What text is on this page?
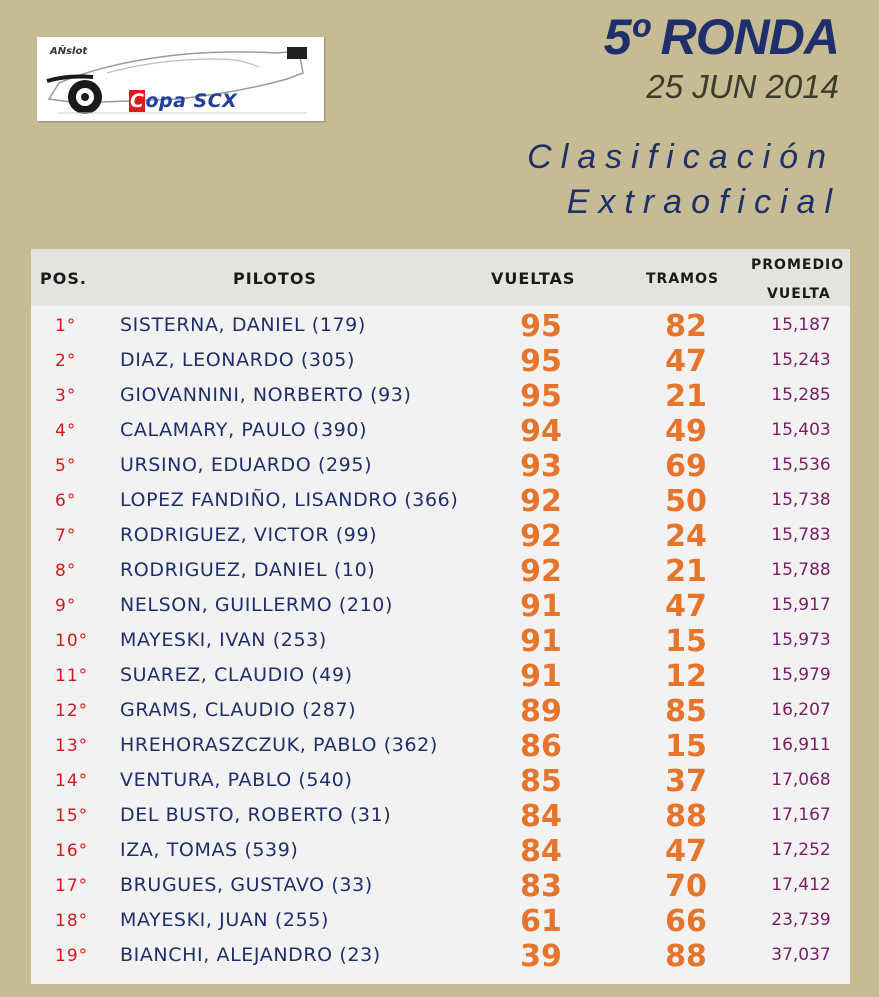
AÑslot
Copa SCX
5º RONDA
25 JUN 2014
Clasificación
Extraoficial
POS.	PILOTOS	VUELTAS	TRAMOS
PROMEDIO
VUELTA
1° SISTERNA, DANIEL (179)	95	82	15,187
2° DIAZ, LEONARDO (305)	95	47	15,243
3° GIOVANNINI, NORBERTO (93)	95	21	15,285
4° CALAMARY, PAULO (390)	94	49	15,403
5° URSINO, EDUARDO (295)	93	69	15,536
6° LOPEZ FANDIÑO, LISANDRO (366)	92	50	15,738
7° RODRIGUEZ, VICTOR (99)	92	24	15,783
8° RODRIGUEZ, DANIEL (10)	92	21	15,788
9° NELSON, GUILLERMO (210)	91	47	15,917
10° MAYESKI, IVAN (253)	91	15	15,973
11° SUAREZ, CLAUDIO (49)	91	12	15,979
12° GRAMS, CLAUDIO (287)	89	85	16,207
13° HREHORASZCZUK, PABLO (362)	86	15	16,911
14° VENTURA, PABLO (540)	85	37	17,068
15° DEL BUSTO, ROBERTO (31)	84	88	17,167
16° IZA, TOMAS (539)	84	47	17,252
17° BRUGUES, GUSTAVO (33)	83	70	17,412
18° MAYESKI, JUAN (255)	61	66	23,739
19° BIANCHI, ALEJANDRO (23)	39	88	37,037
